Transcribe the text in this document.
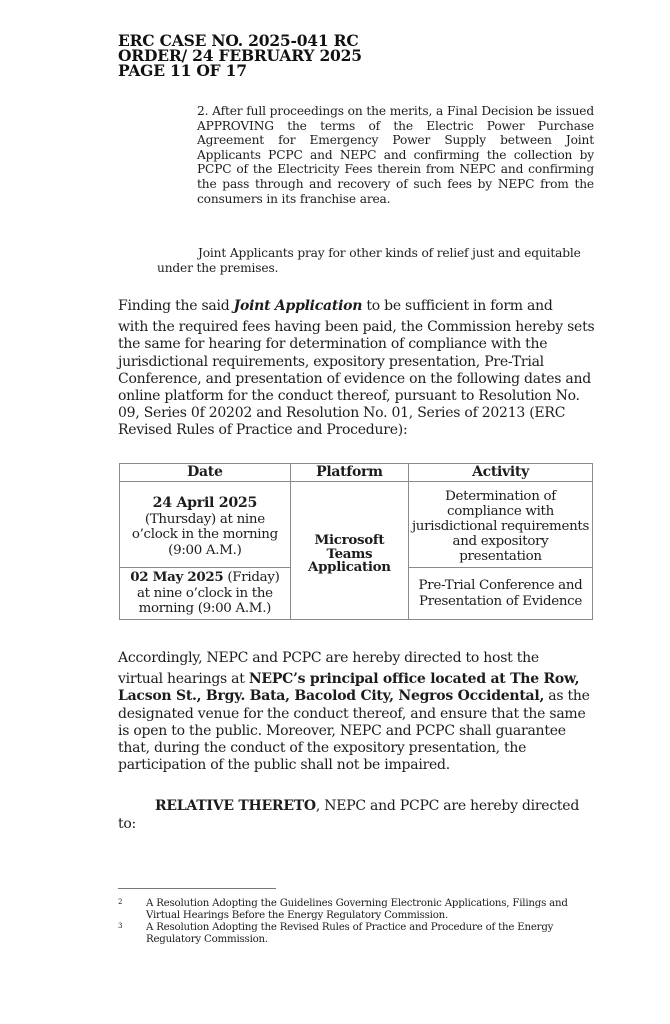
ERC CASE NO. 2025-041 RC
ORDER/ 24 FEBRUARY 2025
PAGE 11 OF 17
2. After full proceedings on the merits, a Final Decision be issued APPROVING the terms of the Electric Power Purchase Agreement for Emergency Power Supply between Joint Applicants PCPC and NEPC and confirming the collection by PCPC of the Electricity Fees therein from NEPC and confirming the pass through and recovery of such fees by NEPC from the consumers in its franchise area.
Joint Applicants pray for other kinds of relief just and equitable under the premises.
Finding the said Joint Application to be sufficient in form and
with the required fees having been paid, the Commission hereby sets the same for hearing for determination of compliance with the jurisdictional requirements, expository presentation, Pre-Trial Conference, and presentation of evidence on the following dates and online platform for the conduct thereof, pursuant to Resolution No. 09, Series 0f 20202 and Resolution No. 01, Series of 20213 (ERC Revised Rules of Practice and Procedure):
Date	Platform	Activity

24 April 2025
(Thursday) at nine o’clock in the morning (9:00 A.M.)	Microsoft Teams Application	Determination of compliance with jurisdictional requirements and expository presentation
02 May 2025 (Friday) at nine o’clock in the morning (9:00 A.M.)		Pre-Trial Conference and Presentation of Evidence
Accordingly, NEPC and PCPC are hereby directed to host the
virtual hearings at NEPC’s principal office located at The Row, Lacson St., Brgy. Bata, Bacolod City, Negros Occidental, as the designated venue for the conduct thereof, and ensure that the same is open to the public. Moreover, NEPC and PCPC shall guarantee that, during the conduct of the expository presentation, the participation of the public shall not be impaired.
RELATIVE THERETO, NEPC and PCPC are hereby directed to:
2 A Resolution Adopting the Guidelines Governing Electronic Applications, Filings and Virtual Hearings Before the Energy Regulatory Commission.
3 A Resolution Adopting the Revised Rules of Practice and Procedure of the Energy Regulatory Commission.
